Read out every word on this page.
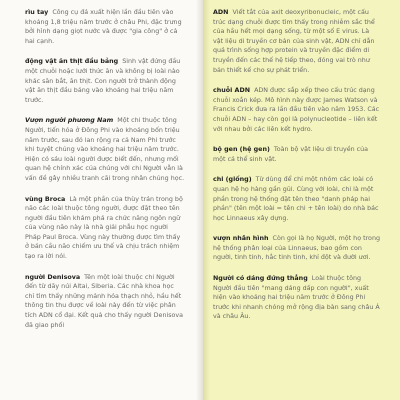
rìu tay Công cụ đá xuất hiện lần đầu tiên vào khoảng 1,8 triệu năm trước ở châu Phi, đặc trưng bởi hình dạng giọt nước và được "gia công" ở cả hai cạnh.

động vật ăn thịt đầu bảng Sinh vật đứng đầu một chuỗi hoặc lưới thức ăn và không bị loài nào khác săn bắt, ăn thịt. Con người trở thành động vật ăn thịt đầu bảng vào khoảng hai triệu năm trước.

Vượn người phương Nam Một chi thuộc tông Người, tiến hóa ở Đông Phi vào khoảng bốn triệu năm trước, sau đó lan rộng ra cả Nam Phi trước khi tuyệt chủng vào khoảng hai triệu năm trước. Hiện có sáu loài người được biết đến, nhưng mối quan hệ chính xác của chúng với chi Người vẫn là vấn đề gây nhiều tranh cãi trong nhân chủng học.

vùng Broca Là một phần của thùy trán trong bộ não các loài thuộc tông người, được đặt theo tên người đầu tiên khám phá ra chức năng ngôn ngữ của vùng não này là nhà giải phẫu học người Pháp Paul Broca. Vùng này thường được tìm thấy ở bán cầu não chiếm ưu thế và chịu trách nhiệm tạo ra lời nói.

người Denisova Tên một loài thuộc chi Người đến từ dãy núi Altai, Siberia. Các nhà khoa học chỉ tìm thấy những mảnh hóa thạch nhỏ, hầu hết thông tin thu được về loài này đến từ việc phân tích ADN cổ đại. Kết quả cho thấy người Denisova đã giao phối

ADN Viết tắt của axit deoxyribonucleic, một cấu trúc dạng chuỗi được tìm thấy trong nhiễm sắc thể của hầu hết mọi dạng sống, từ một số E virus. Là vật liệu di truyền cơ bản của sinh vật, ADN chỉ dẫn quá trình sống hợp protein và truyền đặc điểm di truyền đến các thế hệ tiếp theo, đóng vai trò như bản thiết kế cho sự phát triển.

chuỗi ADN ADN được sắp xếp theo cấu trúc dạng chuỗi xoắn kép. Mô hình này được James Watson và Francis Crick đưa ra lần đầu tiên vào năm 1953. Các chuỗi ADN – hay còn gọi là polynucleotide – liên kết với nhau bởi các liên kết hydro.

bộ gen (hệ gen) Toàn bộ vật liệu di truyền của một cá thể sinh vật.

chi (giống) Từ dùng để chỉ một nhóm các loài có quan hệ họ hàng gần gũi. Cùng với loài, chi là một phần trong hệ thống đặt tên theo "danh pháp hai phần" (tên một loài = tên chi + tên loài) do nhà bác học Linnaeus xây dựng.

vượn nhân hình Còn gọi là họ Người, một họ trong hệ thống phân loại của Linnaeus, bao gồm con người, tinh tinh, hắc tinh tinh, khỉ đột và đười ươi.

Người có dáng đứng thẳng Loài thuộc tông Người đầu tiên "mang dáng dấp con người", xuất hiện vào khoảng hai triệu năm trước ở Đông Phi trước khi nhanh chóng mở rộng địa bàn sang châu Á và châu Âu.
